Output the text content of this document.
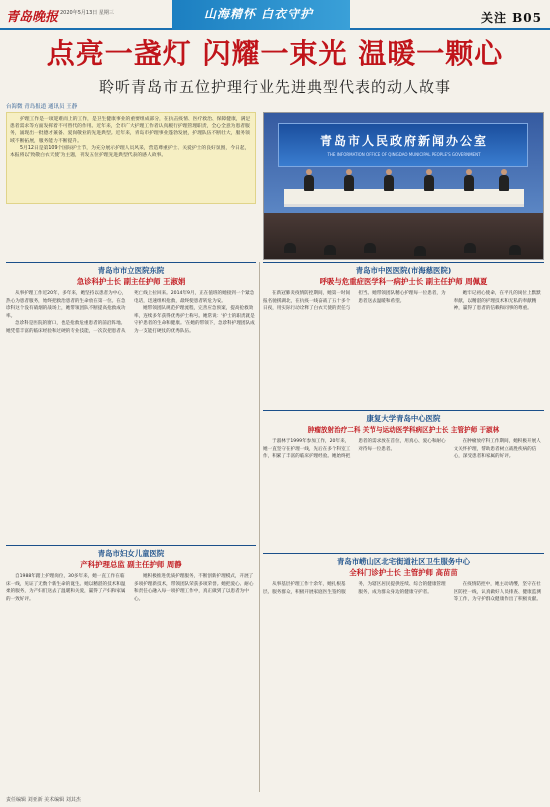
青岛晚报 2020年5月13日 星期三	山海精怀 白衣守护	关注 B05
点亮一盏灯 闪耀一束光 温暖一颗心
聆听青岛市五位护理行业先进典型代表的动人故事
台海微 青岛报道 通讯员 王静

护理工作是一项迎难而上的工作，是卫生健康事业的重要组成部分，在抗击疫情、医疗救治、保障健康，满足患者需求等方面发挥着不可替代的作用。近年来，全市广大护理工作者认真履行护理管理职责，全心全意为患者服务，涌现出一批德才兼备、爱岗敬业的先进典型。近年来，青岛市护理事业蓬勃发展，护理队伍不断壮大，服务领域不断拓展，服务能力不断提升。

5月12日是第109个国际护士节，为充分展示护理人员风采，营造尊重护士、关爱护士的良好氛围，今日起，本报将以'致敬白衣天使'为主题，刊发五位护理先进典型代表的感人故事。

青岛市人民政府新闻办公室
THE INFORMATION OFFICE OF QINGDAO MUNICIPAL PEOPLE'S GOVERNMENT
青岛市市立医院东院
急诊科护士长 副主任护师 王淑娟

从事护理工作近20年，多年来，她坚持以患者为中心，热心为患者服务，始终把救治患者的生命放在第一位。在急诊科这个没有硝烟的战场上，她带领团队不断提高抢救成功率。

急诊科是医院的窗口，也是抢救危重患者的前沿阵地。她凭借丰富的临床经验和过硬的专业技能，一次次把患者从死亡线上拉回来。2014年9月，正在值班的她接到一个紧急电话，迅速组织抢救，最终使患者转危为安。

她带领团队规范护理流程，完善应急预案，提高抢救效率，连续多年获得优秀护士称号。她常说：'护士的职责就是守护患者的生命和健康。'在她的带领下，急诊科护理团队成为一支能打硬仗的优秀队伍。

青岛市妇女儿童医院
产科护理总监 副主任护师 周静

自1988年踏上护理岗位，30多年来，她一直工作在临床一线，见证了无数个新生命的诞生。她以精湛的技术和温柔的服务，为产妇们送去了温暖和关爱，赢得了产妇和家属的一致好评。

她积极推进优质护理服务，不断创新护理模式，开展了多项护理新技术，带领团队荣获多项荣誉。她把爱心、耐心和责任心融入每一项护理工作中，真正做到了以患者为中心。

青岛市中医医院(市海慈医院)
呼吸与危重症医学科一病护士长 副主任护师 周佩夏

在新冠肺炎疫情防控期间，她第一时间报名驰援湖北，在抗疫一线奋战了五十多个日夜，用实际行动诠释了白衣天使的责任与担当。她带领团队精心护理每一位患者，为患者送去温暖和希望。

她牢记初心使命，在平凡的岗位上默默奉献，以精湛的护理技术和无私的奉献精神，赢得了患者的信赖和同事的尊重。

康复大学青岛中心医院
肿瘤放射治疗二科 关节与运动医学科病区护士长 主管护师 于淑林

于淑林于1999年参加工作，20年来，她一直坚守在护理一线，先后在多个科室工作，积累了丰富的临床护理经验。她始终把患者的需求放在首位，用真心、爱心和耐心对待每一位患者。

在肿瘤放疗科工作期间，她积极开展人文关怀护理，帮助患者树立战胜疾病的信心，深受患者和家属的好评。

青岛市崂山区北宅街道社区卫生服务中心
全科门诊护士长 主管护师 高苗苗

从事基层护理工作十余年，她扎根基层、服务群众，积极开展家庭医生签约服务，为辖区居民提供连续、综合的健康管理服务，成为群众身边的健康守护者。

在疫情防控中，她主动请缨，坚守在社区防控一线，认真做好人员排查、健康监测等工作，为守护群众健康作出了积极贡献。

责任编辑 刘亚新 美术编辑 刘其杰
